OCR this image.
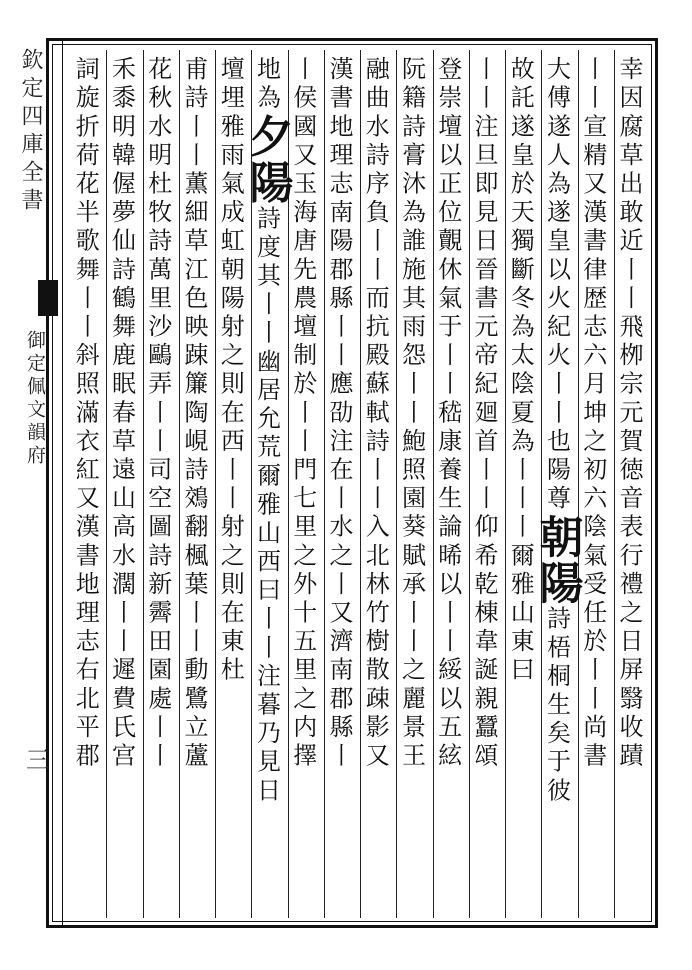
欽定四庫全書
御定佩文韻府
三	幸因腐草出敢近丨丨飛栁宗元賀徳音表行禮之日屏翳收蹟
丨丨宣精又漢書律歴志六月坤之初六陰氣受任於丨丨尚書
大傅遂人為遂皇以火紀火丨丨也陽尊朝陽詩梧桐生矣于彼
故託遂皇於天獨斷冬為太陰夏為丨丨丨爾雅山東曰
丨丨注旦即見日晉書元帝紀廻首丨丨仰希乾棟韋誕親蠶頌
登崇壇以正位覿休氣于丨丨嵇康養生論晞以丨丨綏以五絃
阮籍詩膏沐為誰施其雨怨丨丨鮑照園葵賦承丨丨之麗景王
融曲水詩序負丨丨而抗殿蘇軾詩丨丨入北林竹樹散疎影又
漢書地理志南陽郡縣丨丨應劭注在丨水之丨又濟南郡縣丨
丨侯國又玉海唐先農壇制於丨丨門七里之外十五里之内擇
地為夕陽詩度其丨丨幽居允荒爾雅山西曰丨丨注暮乃見日
壇埋雅雨氣成虹朝陽射之則在西丨丨射之則在東杜
甫詩丨丨薫細草江色映踈簾陶峴詩鵁翻楓葉丨丨動鷺立蘆
花秋水明杜牧詩萬里沙鷗弄丨丨司空圖詩新霽田園處丨丨
禾黍明韓偓夢仙詩鶴舞鹿眠春草遠山高水濶丨丨遲費氏宫
詞旋折荷花半歌舞丨丨斜照滿衣紅又漢書地理志右北平郡
